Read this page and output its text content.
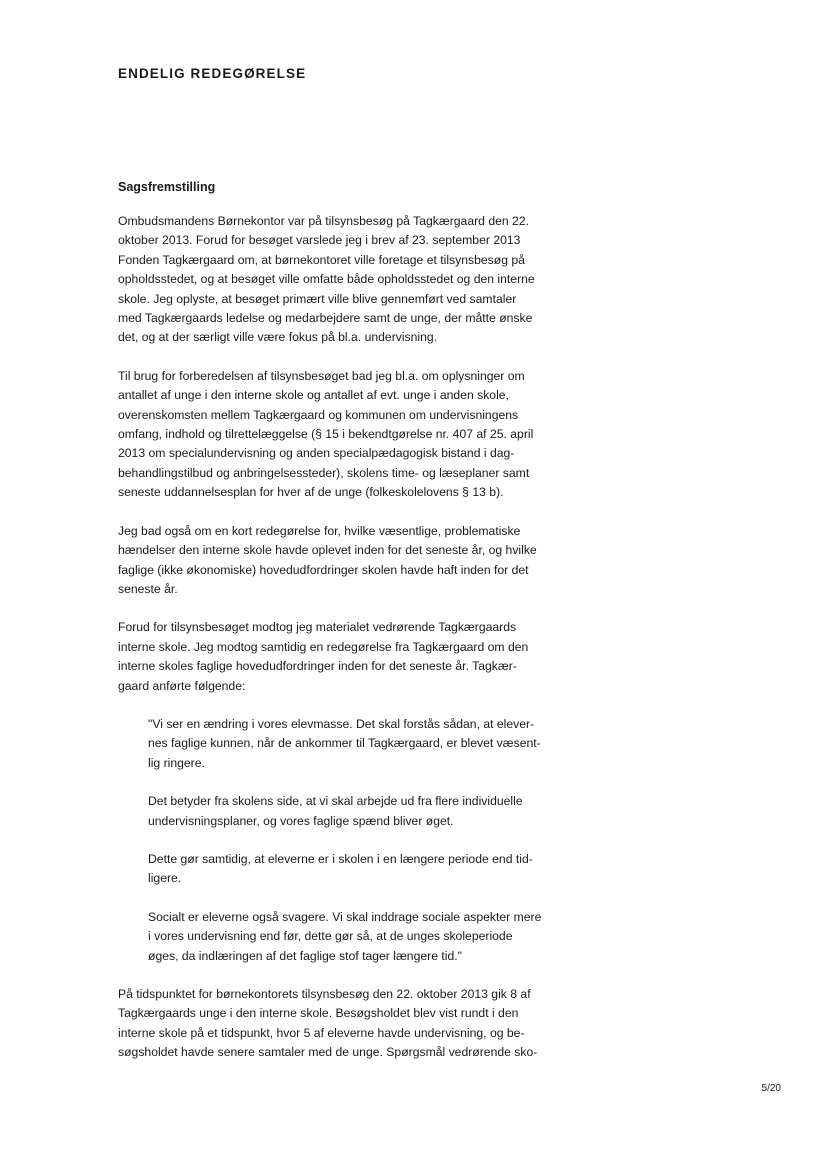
ENDELIG REDEGØRELSE
Sagsfremstilling
Ombudsmandens Børnekontor var på tilsynsbesøg på Tagkærgaard den 22.
oktober 2013. Forud for besøget varslede jeg i brev af 23. september 2013
Fonden Tagkærgaard om, at børnekontoret ville foretage et tilsynsbesøg på
opholdsstedet, og at besøget ville omfatte både opholdsstedet og den interne
skole. Jeg oplyste, at besøget primært ville blive gennemført ved samtaler
med Tagkærgaards ledelse og medarbejdere samt de unge, der måtte ønske
det, og at der særligt ville være fokus på bl.a. undervisning.
Til brug for forberedelsen af tilsynsbesøget bad jeg bl.a. om oplysninger om
antallet af unge i den interne skole og antallet af evt. unge i anden skole,
overenskomsten mellem Tagkærgaard og kommunen om undervisningens
omfang, indhold og tilrettelæggelse (§ 15 i bekendtgørelse nr. 407 af 25. april
2013 om specialundervisning og anden specialpædagogisk bistand i dag-
behandlingstilbud og anbringelsessteder), skolens time- og læseplaner samt
seneste uddannelsesplan for hver af de unge (folkeskolelovens § 13 b).
Jeg bad også om en kort redegørelse for, hvilke væsentlige, problematiske
hændelser den interne skole havde oplevet inden for det seneste år, og hvilke
faglige (ikke økonomiske) hovedudfordringer skolen havde haft inden for det
seneste år.
Forud for tilsynsbesøget modtog jeg materialet vedrørende Tagkærgaards
interne skole. Jeg modtog samtidig en redegørelse fra Tagkærgaard om den
interne skoles faglige hovedudfordringer inden for det seneste år. Tagkær-
gaard anførte følgende:
"Vi ser en ændring i vores elevmasse. Det skal forstås sådan, at elever-
nes faglige kunnen, når de ankommer til Tagkærgaard, er blevet væsent-
lig ringere.
Det betyder fra skolens side, at vi skal arbejde ud fra flere individuelle
undervisningsplaner, og vores faglige spænd bliver øget.
Dette gør samtidig, at eleverne er i skolen i en længere periode end tid-
ligere.
Socialt er eleverne også svagere. Vi skal inddrage sociale aspekter mere
i vores undervisning end før, dette gør så, at de unges skoleperiode
øges, da indlæringen af det faglige stof tager længere tid."
På tidspunktet for børnekontorets tilsynsbesøg den 22. oktober 2013 gik 8 af
Tagkærgaards unge i den interne skole. Besøgsholdet blev vist rundt i den
interne skole på et tidspunkt, hvor 5 af eleverne havde undervisning, og be-
søgsholdet havde senere samtaler med de unge. Spørgsmål vedrørende sko-
5/20
